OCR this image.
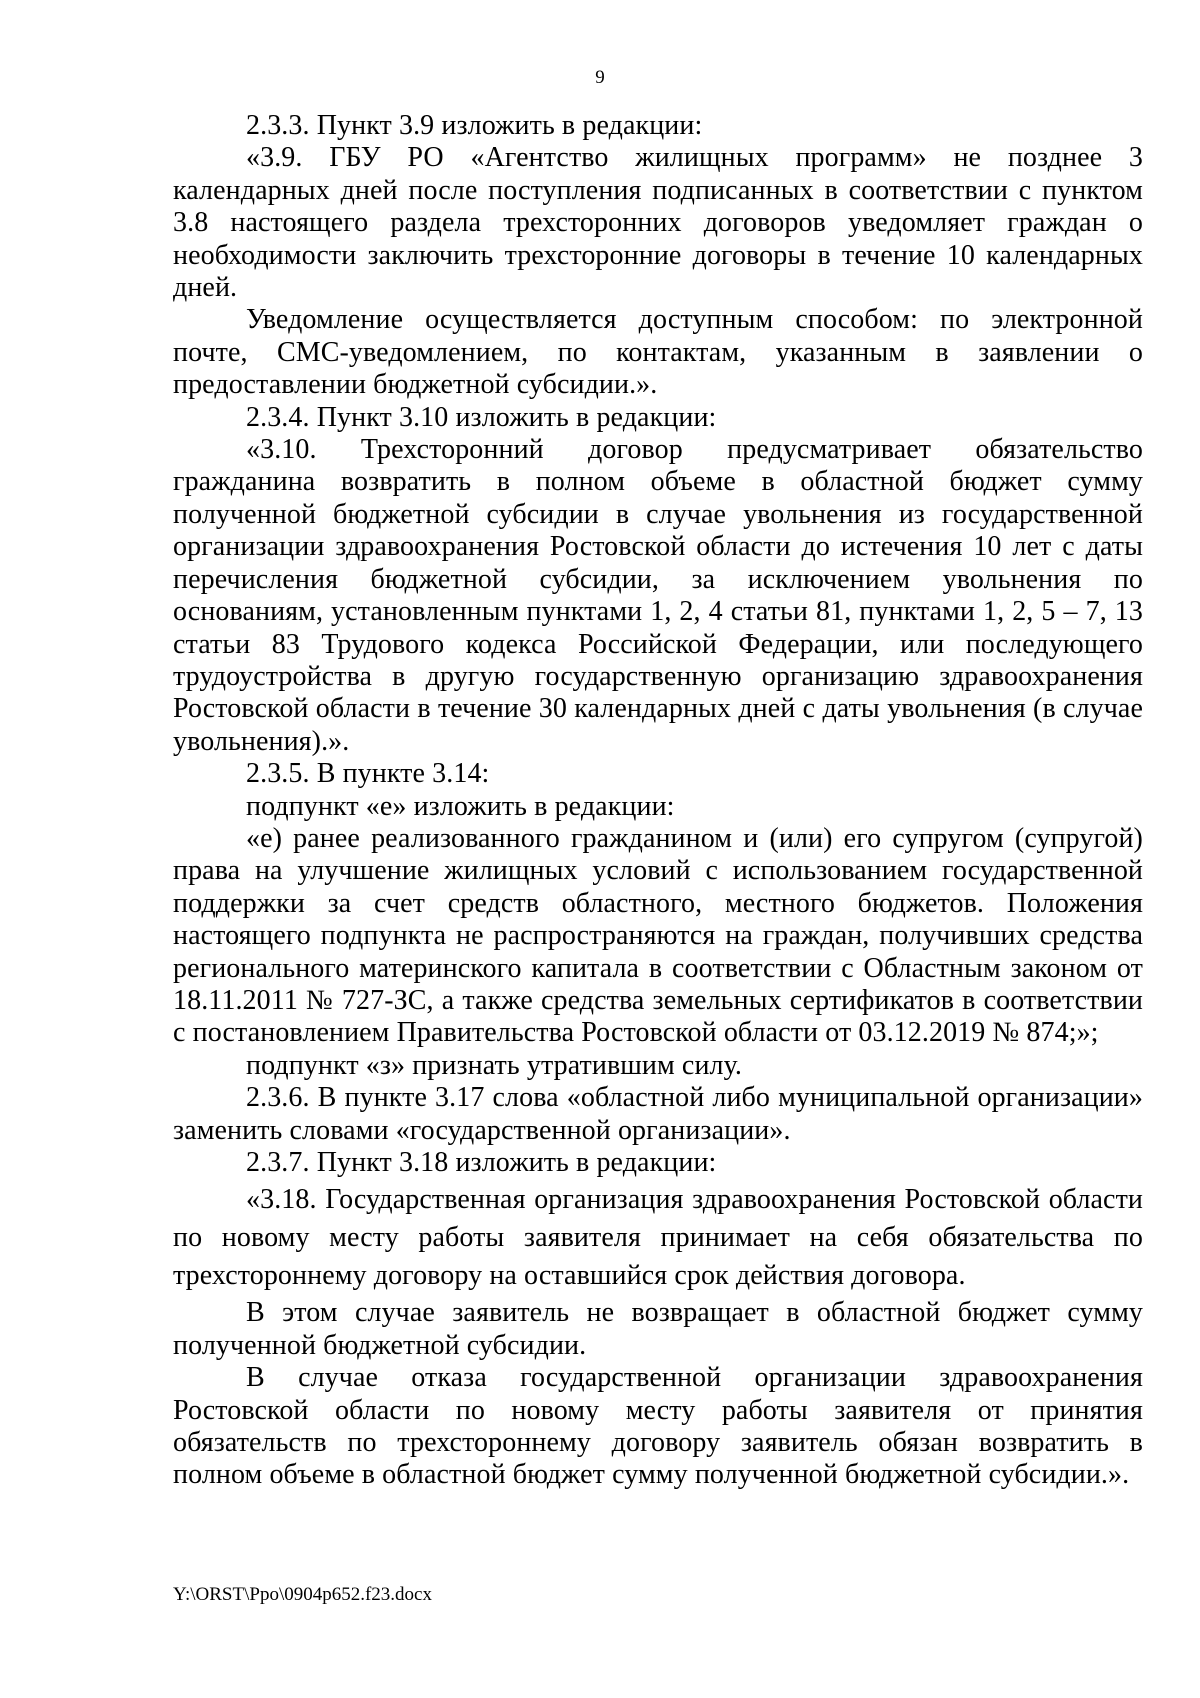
9

2.3.3. Пункт 3.9 изложить в редакции:

«3.9. ГБУ РО «Агентство жилищных программ» не позднее 3 календарных дней после поступления подписанных в соответствии с пунктом 3.8 настоящего раздела трехсторонних договоров уведомляет граждан о необходимости заключить трехсторонние договоры в течение 10 календарных дней.

Уведомление осуществляется доступным способом: по электронной почте, СМС-уведомлением, по контактам, указанным в заявлении о предоставлении бюджетной субсидии.».

2.3.4. Пункт 3.10 изложить в редакции:

«3.10. Трехсторонний договор предусматривает обязательство гражданина возвратить в полном объеме в областной бюджет сумму полученной бюджетной субсидии в случае увольнения из государственной организации здравоохранения Ростовской области до истечения 10 лет с даты перечисления бюджетной субсидии, за исключением увольнения по основаниям, установленным пунктами 1, 2, 4 статьи 81, пунктами 1, 2, 5 – 7, 13 статьи 83 Трудового кодекса Российской Федерации, или последующего трудоустройства в другую государственную организацию здравоохранения Ростовской области в течение 30 календарных дней с даты увольнения (в случае увольнения).».

2.3.5. В пункте 3.14:

подпункт «е» изложить в редакции:

«е) ранее реализованного гражданином и (или) его супругом (супругой) права на улучшение жилищных условий с использованием государственной поддержки за счет средств областного, местного бюджетов. Положения настоящего подпункта не распространяются на граждан, получивших средства регионального материнского капитала в соответствии с Областным законом от 18.11.2011 № 727-ЗС, а также средства земельных сертификатов в соответствии с постановлением Правительства Ростовской области от 03.12.2019 № 874;»;

подпункт «з» признать утратившим силу.

2.3.6. В пункте 3.17 слова «областной либо муниципальной организации» заменить словами «государственной организации».

2.3.7. Пункт 3.18 изложить в редакции:

«3.18. Государственная организация здравоохранения Ростовской области по новому месту работы заявителя принимает на себя обязательства по трехстороннему договору на оставшийся срок действия договора.

В этом случае заявитель не возвращает в областной бюджет сумму полученной бюджетной субсидии.

В случае отказа государственной организации здравоохранения Ростовской области по новому месту работы заявителя от принятия обязательств по трехстороннему договору заявитель обязан возвратить в полном объеме в областной бюджет сумму полученной бюджетной субсидии.».

Y:\ORST\Ppo\0904p652.f23.docx
